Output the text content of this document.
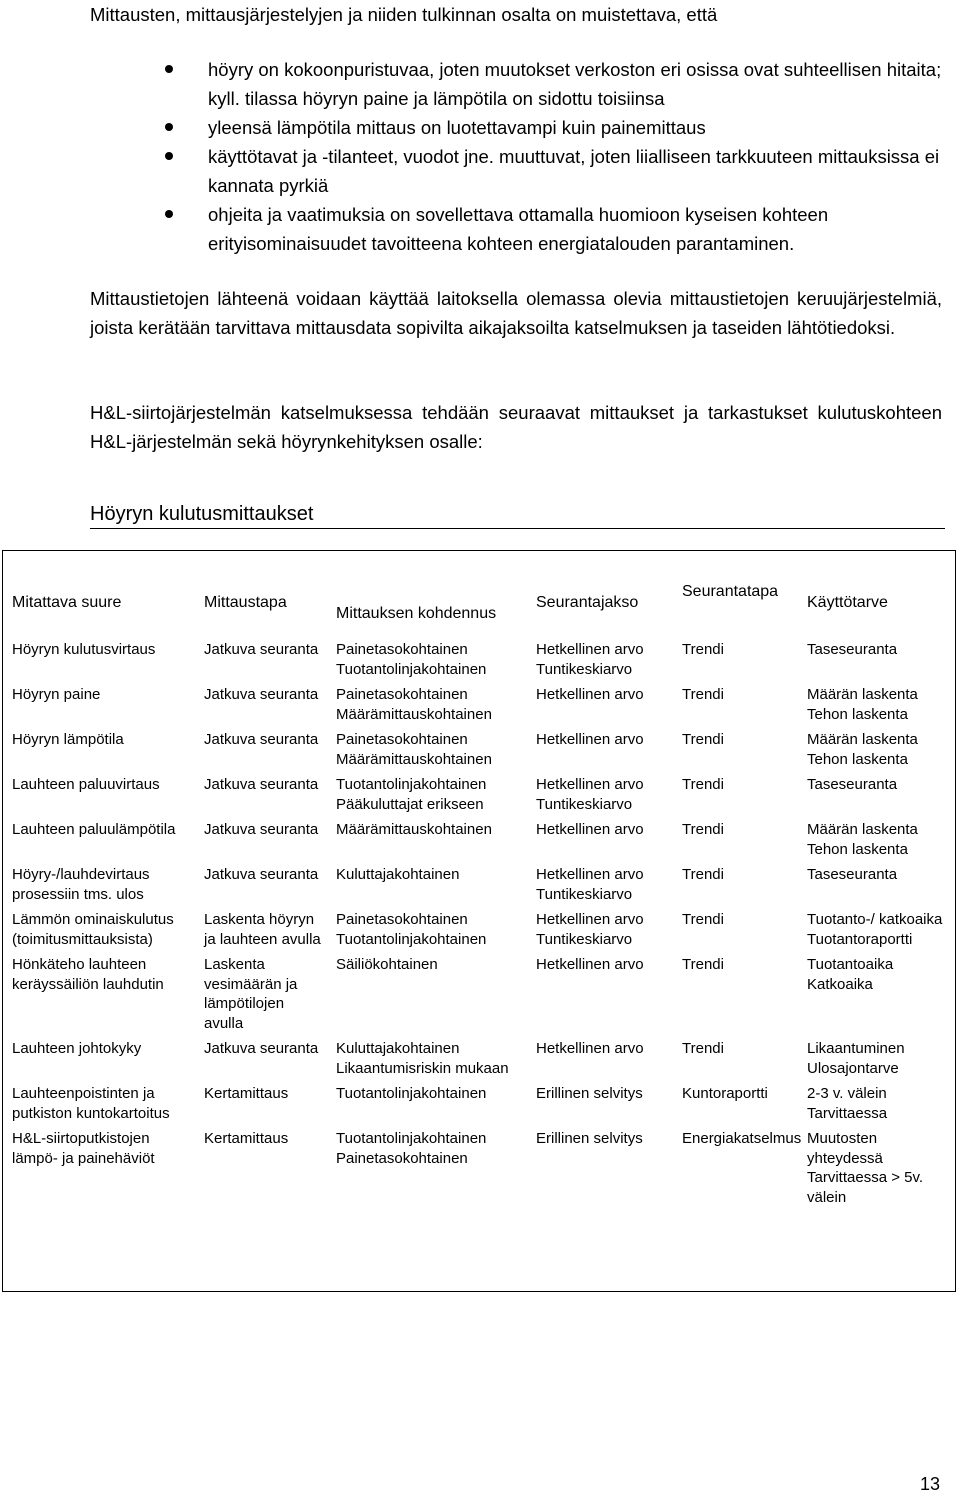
Mittausten, mittausjärjestelyjen ja niiden tulkinnan osalta on muistettava, että

höyry on kokoonpuristuvaa, joten muutokset verkoston eri osissa ovat suhteellisen hitaita; kyll. tilassa höyryn paine ja lämpötila on sidottu toisiinsa
yleensä lämpötila mittaus on luotettavampi kuin painemittaus
käyttötavat ja -tilanteet, vuodot jne. muuttuvat, joten liialliseen tarkkuuteen mittauksissa ei kannata pyrkiä
ohjeita ja vaatimuksia on sovellettava ottamalla huomioon kyseisen kohteen erityisominaisuudet tavoitteena kohteen energiatalouden parantaminen.

Mittaustietojen lähteenä voidaan käyttää laitoksella olemassa olevia mittaustietojen keruujärjestelmiä, joista kerätään tarvittava mittausdata sopivilta aikajaksoilta katselmuksen ja taseiden lähtötiedoksi.

H&L-siirtojärjestelmän katselmuksessa tehdään seuraavat mittaukset ja tarkastukset kulutuskohteen H&L-järjestelmän sekä höyrynkehityksen osalle:

Höyryn kulutusmittaukset
Mitattava suure	Mittaustapa	Mittauksen kohdennus	Seurantajakso	Seurantatapa	Käyttötarve
Höyryn kulutusvirtaus	Jatkuva seuranta	Painetasokohtainen Tuotantolinjakohtainen	Hetkellinen arvo Tuntikeskiarvo	Trendi	Taseseuranta
Höyryn paine	Jatkuva seuranta	Painetasokohtainen Määrämittauskohtainen	Hetkellinen arvo	Trendi	Määrän laskenta Tehon laskenta
Höyryn lämpötila	Jatkuva seuranta	Painetasokohtainen Määrämittauskohtainen	Hetkellinen arvo	Trendi	Määrän laskenta Tehon laskenta
Lauhteen paluuvirtaus	Jatkuva seuranta	Tuotantolinjakohtainen Pääkuluttajat erikseen	Hetkellinen arvo Tuntikeskiarvo	Trendi	Taseseuranta
Lauhteen paluulämpötila	Jatkuva seuranta	Määrämittauskohtainen	Hetkellinen arvo	Trendi	Määrän laskenta Tehon laskenta
Höyry-/lauhdevirtaus prosessiin tms. ulos	Jatkuva seuranta	Kuluttajakohtainen	Hetkellinen arvo Tuntikeskiarvo	Trendi	Taseseuranta
Lämmön ominaiskulutus (toimitusmittauksista)	Laskenta höyryn ja lauhteen avulla	Painetasokohtainen Tuotantolinjakohtainen	Hetkellinen arvo Tuntikeskiarvo	Trendi	Tuotanto-/ katkoaika Tuotantoraportti
Hönkäteho lauhteen keräyssäiliön lauhdutin	Laskenta vesimäärän ja lämpötilojen avulla	Säiliökohtainen	Hetkellinen arvo	Trendi	Tuotantoaika Katkoaika
Lauhteen johtokyky	Jatkuva seuranta	Kuluttajakohtainen Likaantumisriskin mukaan	Hetkellinen arvo	Trendi	Likaantuminen Ulosajontarve
Lauhteenpoistinten ja putkiston kuntokartoitus	Kertamittaus	Tuotantolinjakohtainen	Erillinen selvitys	Kuntoraportti	2-3 v. välein Tarvittaessa
H&L-siirtoputkistojen lämpö- ja painehäviöt	Kertamittaus	Tuotantolinjakohtainen Painetasokohtainen	Erillinen selvitys	Energiakatselmus	Muutosten yhteydessä Tarvittaessa > 5v. välein
13
